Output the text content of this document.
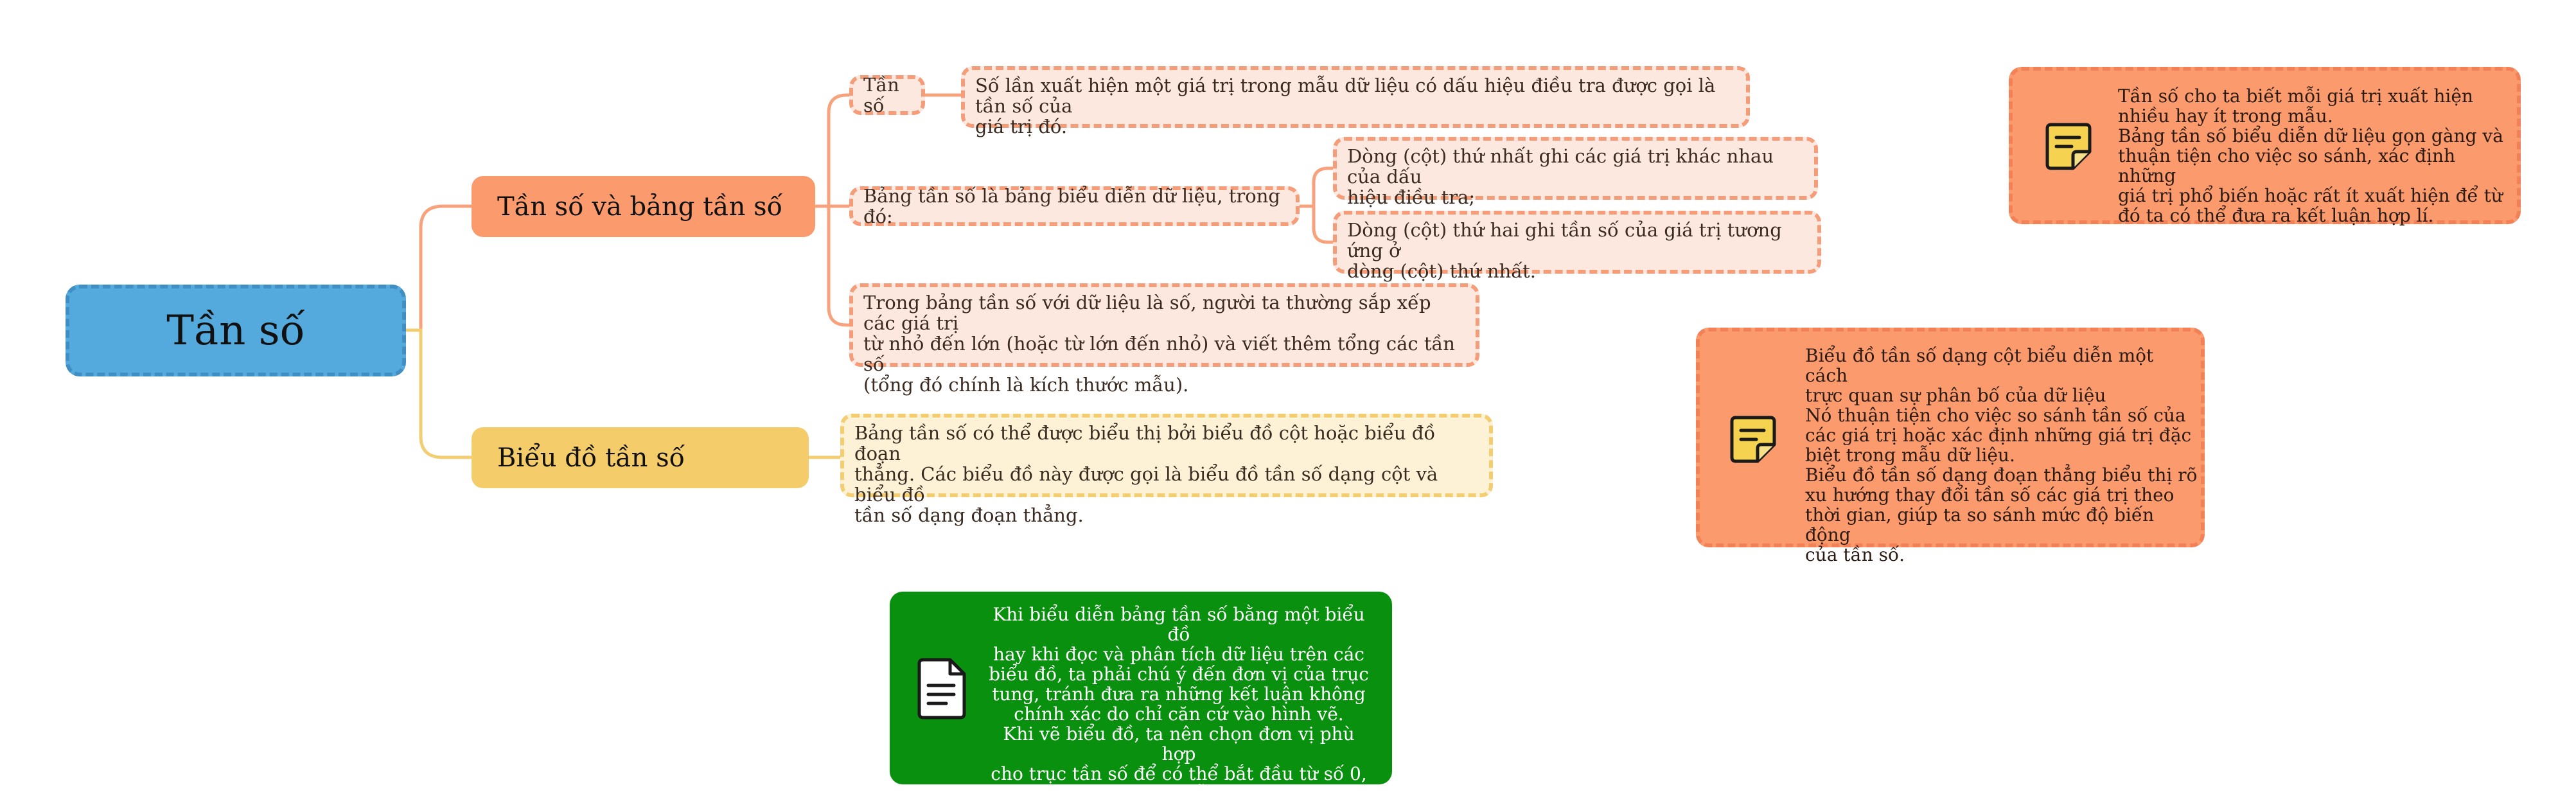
Tần số
Tần số và bảng tần số
Biểu đồ tần số
Tần số
Số lần xuất hiện một giá trị trong mẫu dữ liệu có dấu hiệu điều tra được gọi là tần số của
giá trị đó.
Bảng tần số là bảng biểu diễn dữ liệu, trong đó:
Dòng (cột) thứ nhất ghi các giá trị khác nhau của dấu
hiệu điều tra;
Dòng (cột) thứ hai ghi tần số của giá trị tương ứng ở
dòng (cột) thứ nhất.
Trong bảng tần số với dữ liệu là số, người ta thường sắp xếp các giá trị
từ nhỏ đến lớn (hoặc từ lớn đến nhỏ) và viết thêm tổng các tần số
(tổng đó chính là kích thước mẫu).
Bảng tần số có thể được biểu thị bởi biểu đồ cột hoặc biểu đồ đoạn
thẳng. Các biểu đồ này được gọi là biểu đồ tần số dạng cột và biểu đồ
tần số dạng đoạn thẳng.
Tần số cho ta biết mỗi giá trị xuất hiện
nhiều hay ít trong mẫu.
Bảng tần số biểu diễn dữ liệu gọn gàng và
thuận tiện cho việc so sánh, xác định những
giá trị phổ biến hoặc rất ít xuất hiện để từ
đó ta có thể đưa ra kết luận hợp lí.
Biểu đồ tần số dạng cột biểu diễn một cách
trực quan sự phân bố của dữ liệu
Nó thuận tiện cho việc so sánh tần số của
các giá trị hoặc xác định những giá trị đặc
biệt trong mẫu dữ liệu.
Biểu đồ tần số dạng đoạn thẳng biểu thị rõ
xu hướng thay đổi tần số các giá trị theo
thời gian, giúp ta so sánh mức độ biến động
của tần số.
Khi biểu diễn bảng tần số bằng một biểu đồ
hay khi đọc và phân tích dữ liệu trên các
biểu đồ, ta phải chú ý đến đơn vị của trục
tung, tránh đưa ra những kết luận không
chính xác do chỉ căn cứ vào hình vẽ.
Khi vẽ biểu đồ, ta nên chọn đơn vị phù hợp
cho trục tần số để có thể bắt đầu từ số 0,
không gây nhầm lẫn về thị giác.
